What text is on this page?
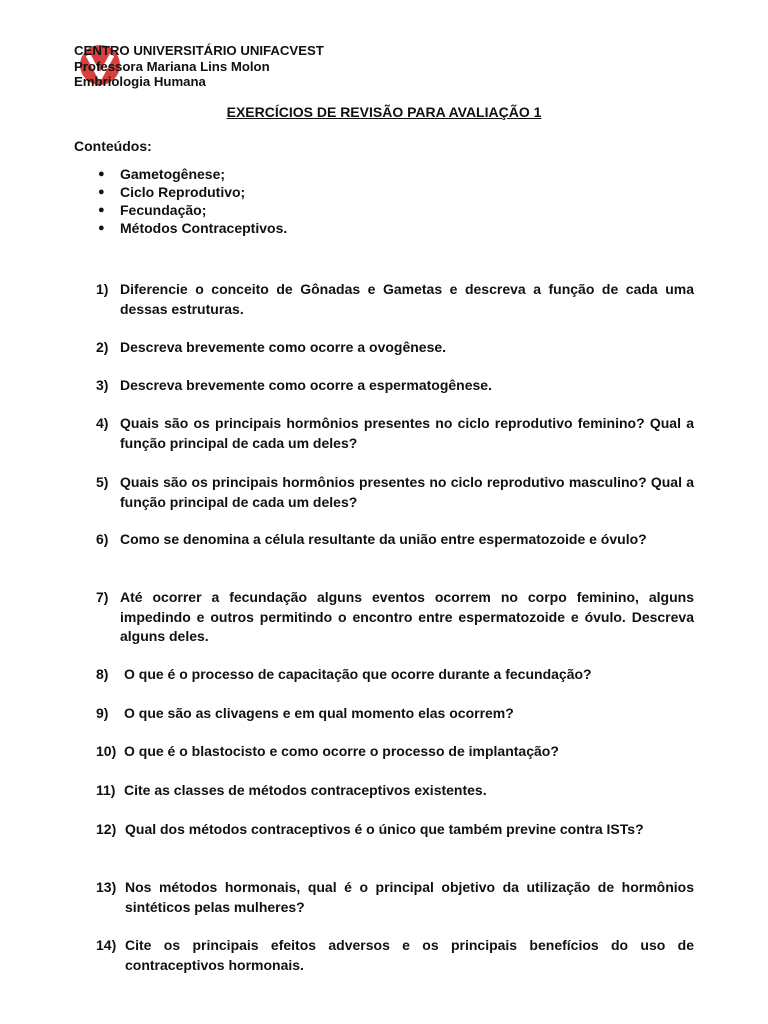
CENTRO UNIVERSITÁRIO UNIFACVEST
Professora Mariana Lins Molon
Embriologia Humana
EXERCÍCIOS DE REVISÃO PARA AVALIAÇÃO 1
Conteúdos:
● Gametogênese;
● Ciclo Reprodutivo;
● Fecundação;
● Métodos Contraceptivos.
1) Diferencie o conceito de Gônadas e Gametas e descreva a função de cada uma dessas estruturas.
2) Descreva brevemente como ocorre a ovogênese.
3) Descreva brevemente como ocorre a espermatogênese.
4) Quais são os principais hormônios presentes no ciclo reprodutivo feminino? Qual a função principal de cada um deles?
5) Quais são os principais hormônios presentes no ciclo reprodutivo masculino? Qual a função principal de cada um deles?
6) Como se denomina a célula resultante da união entre espermatozoide e óvulo?
7) Até ocorrer a fecundação alguns eventos ocorrem no corpo feminino, alguns impedindo e outros permitindo o encontro entre espermatozoide e óvulo. Descreva alguns deles.
8)	O que é o processo de capacitação que ocorre durante a fecundação?
9)	O que são as clivagens e em qual momento elas ocorrem?
10) O que é o blastocisto e como ocorre o processo de implantação?
11) Cite as classes de métodos contraceptivos existentes.
12) Qual dos métodos contraceptivos é o único que também previne contra ISTs?
13) Nos métodos hormonais, qual é o principal objetivo da utilização de hormônios sintéticos pelas mulheres?
14) Cite os principais efeitos adversos e os principais benefícios do uso de contraceptivos hormonais.
